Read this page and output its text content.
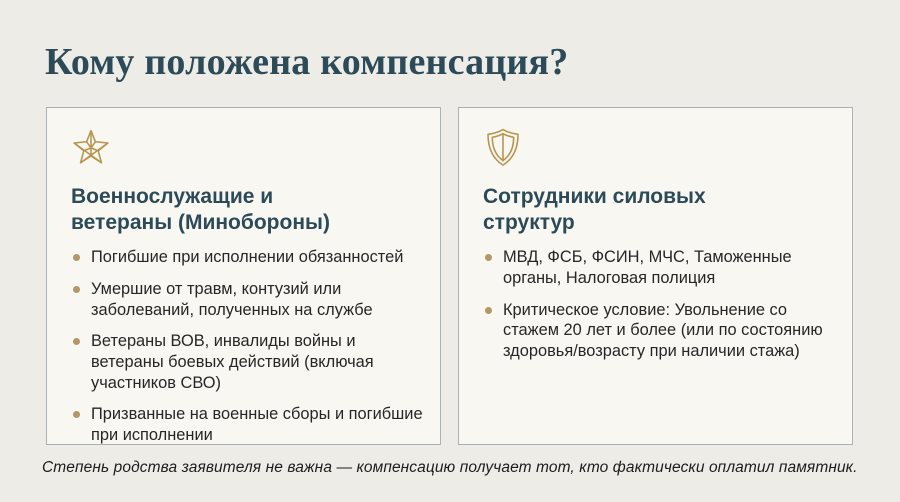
Кому положена компенсация?
Военнослужащие и ветераны (Минобороны)
Погибшие при исполнении обязанностей
Умершие от травм, контузий или заболеваний, полученных на службе
Ветераны ВОВ, инвалиды войны и ветераны боевых действий (включая участников СВО)
Призванные на военные сборы и погибшие при исполнении
Сотрудники силовых структур
МВД, ФСБ, ФСИН, МЧС, Таможенные органы, Налоговая полиция
Критическое условие: Увольнение со стажем 20 лет и более (или по состоянию здоровья/возрасту при наличии стажа)
Степень родства заявителя не важна — компенсацию получает тот, кто фактически оплатил памятник.
